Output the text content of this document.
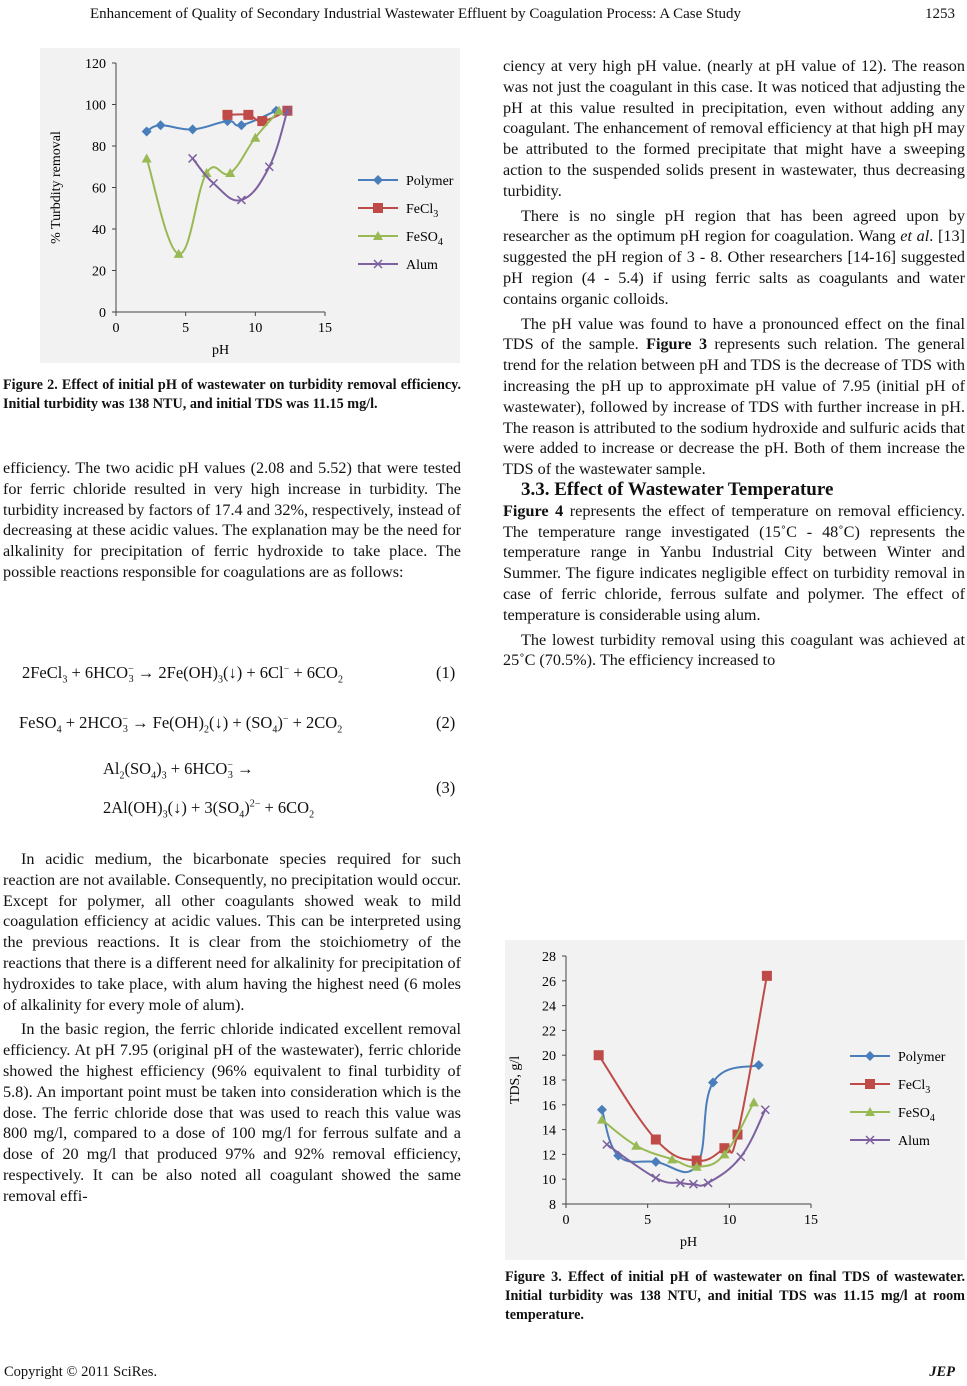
Enhancement of Quality of Secondary Industrial Wastewater Effluent by Coagulation Process: A Case Study	1253
0
20
40
60
80
100
120
0	5	10	15
pH
% Turbdity removal	Polymer
FeCl$_3$
FeSO$_4$
Alum
Figure 2. Effect of initial pH of wastewater on turbidity removal efficiency. Initial turbidity was 138 NTU, and initial TDS was 11.15 mg/l.

efficiency. The two acidic pH values (2.08 and 5.52) that were tested for ferric chloride resulted in very high increase in turbidity. The turbidity increased by factors of 17.4 and 32%, respectively, instead of decreasing at these acidic values. The explanation may be the need for alkalinity for precipitation of ferric hydroxide to take place. The possible reactions responsible for coagulations are as follows:

2FeCl$_3$ + $6HCO^-_3$ → $2Fe(OH)_3(↓) + 6Cl^- + 6CO_2$	(1)
FeSO$_4$ + $2HCO^-_3$ → $Fe(OH)_2(↓) + (SO_4)^- + 2CO_2$	(2)
$Al_2(SO_4)_3 + 6HCO^-_3$ →
$2Al(OH)_3(↓) + 3(SO_4)^{2-} + 6CO_2$
(3)

In acidic medium, the bicarbonate species required for such reaction are not available. Consequently, no precipitation would occur. Except for polymer, all other coagulants showed weak to mild coagulation efficiency at acidic values. This can be interpreted using the previous reactions. It is clear from the stoichiometry of the reactions that there is a different need for alkalinity for precipitation of hydroxides to take place, with alum having the highest need (6 moles of alkalinity for every mole of alum).

In the basic region, the ferric chloride indicated excellent removal efficiency. At pH 7.95 (original pH of the wastewater), ferric chloride showed the highest efficiency (96% equivalent to final turbidity of 5.8). An important point must be taken into consideration which is the dose. The ferric chloride dose that was used to reach this value was 800 mg/l, compared to a dose of 100 mg/l for ferrous sulfate and a dose of 20 mg/l that produced 97% and 92% removal efficiency, respectively. It can be also noted all coagulant showed the same removal effi-

ciency at very high pH value. (nearly at pH value of 12). The reason was not just the coagulant in this case. It was noticed that adjusting the pH at this value resulted in precipitation, even without adding any coagulant. The enhancement of removal efficiency at that high pH may be attributed to the formed precipitate that might have a sweeping action to the suspended solids present in wastewater, thus decreasing turbidity.

There is no single pH region that has been agreed upon by researcher as the optimum pH region for coagulation. Wang et al. [13] suggested the pH region of 3 - 8. Other researchers [14-16] suggested pH region (4 - 5.4) if using ferric salts as coagulants and water contains organic colloids.

The pH value was found to have a pronounced effect on the final TDS of the sample. Figure 3 represents such relation. The general trend for the relation between pH and TDS is the decrease of TDS with increasing the pH up to approximate pH value of 7.95 (initial pH of wastewater), followed by increase of TDS with further increase in pH. The reason is attributed to the sodium hydroxide and sulfuric acids that were added to increase or decrease the pH. Both of them increase the TDS of the wastewater sample.

3.3. Effect of Wastewater Temperature

Figure 4 represents the effect of temperature on removal efficiency. The temperature range investigated (15˚C - 48˚C) represents the temperature range in Yanbu Industrial City between Winter and Summer. The figure indicates negligible effect on turbidity removal in case of ferric chloride, ferrous sulfate and polymer. The effect of temperature is considerable using alum.

The lowest turbidity removal using this coagulant was achieved at 25˚C (70.5%). The efficiency increased to

8
10
12
14
16
18
20
22
24
26
28
0	5	10	15
pH
TDS, g/l	Polymer
FeCl$_3$
FeSO$_4$
Alum
Figure 3. Effect of initial pH of wastewater on final TDS of wastewater. Initial turbidity was 138 NTU, and initial TDS was 11.15 mg/l at room temperature.
Copyright © 2011 SciRes.	JEP
